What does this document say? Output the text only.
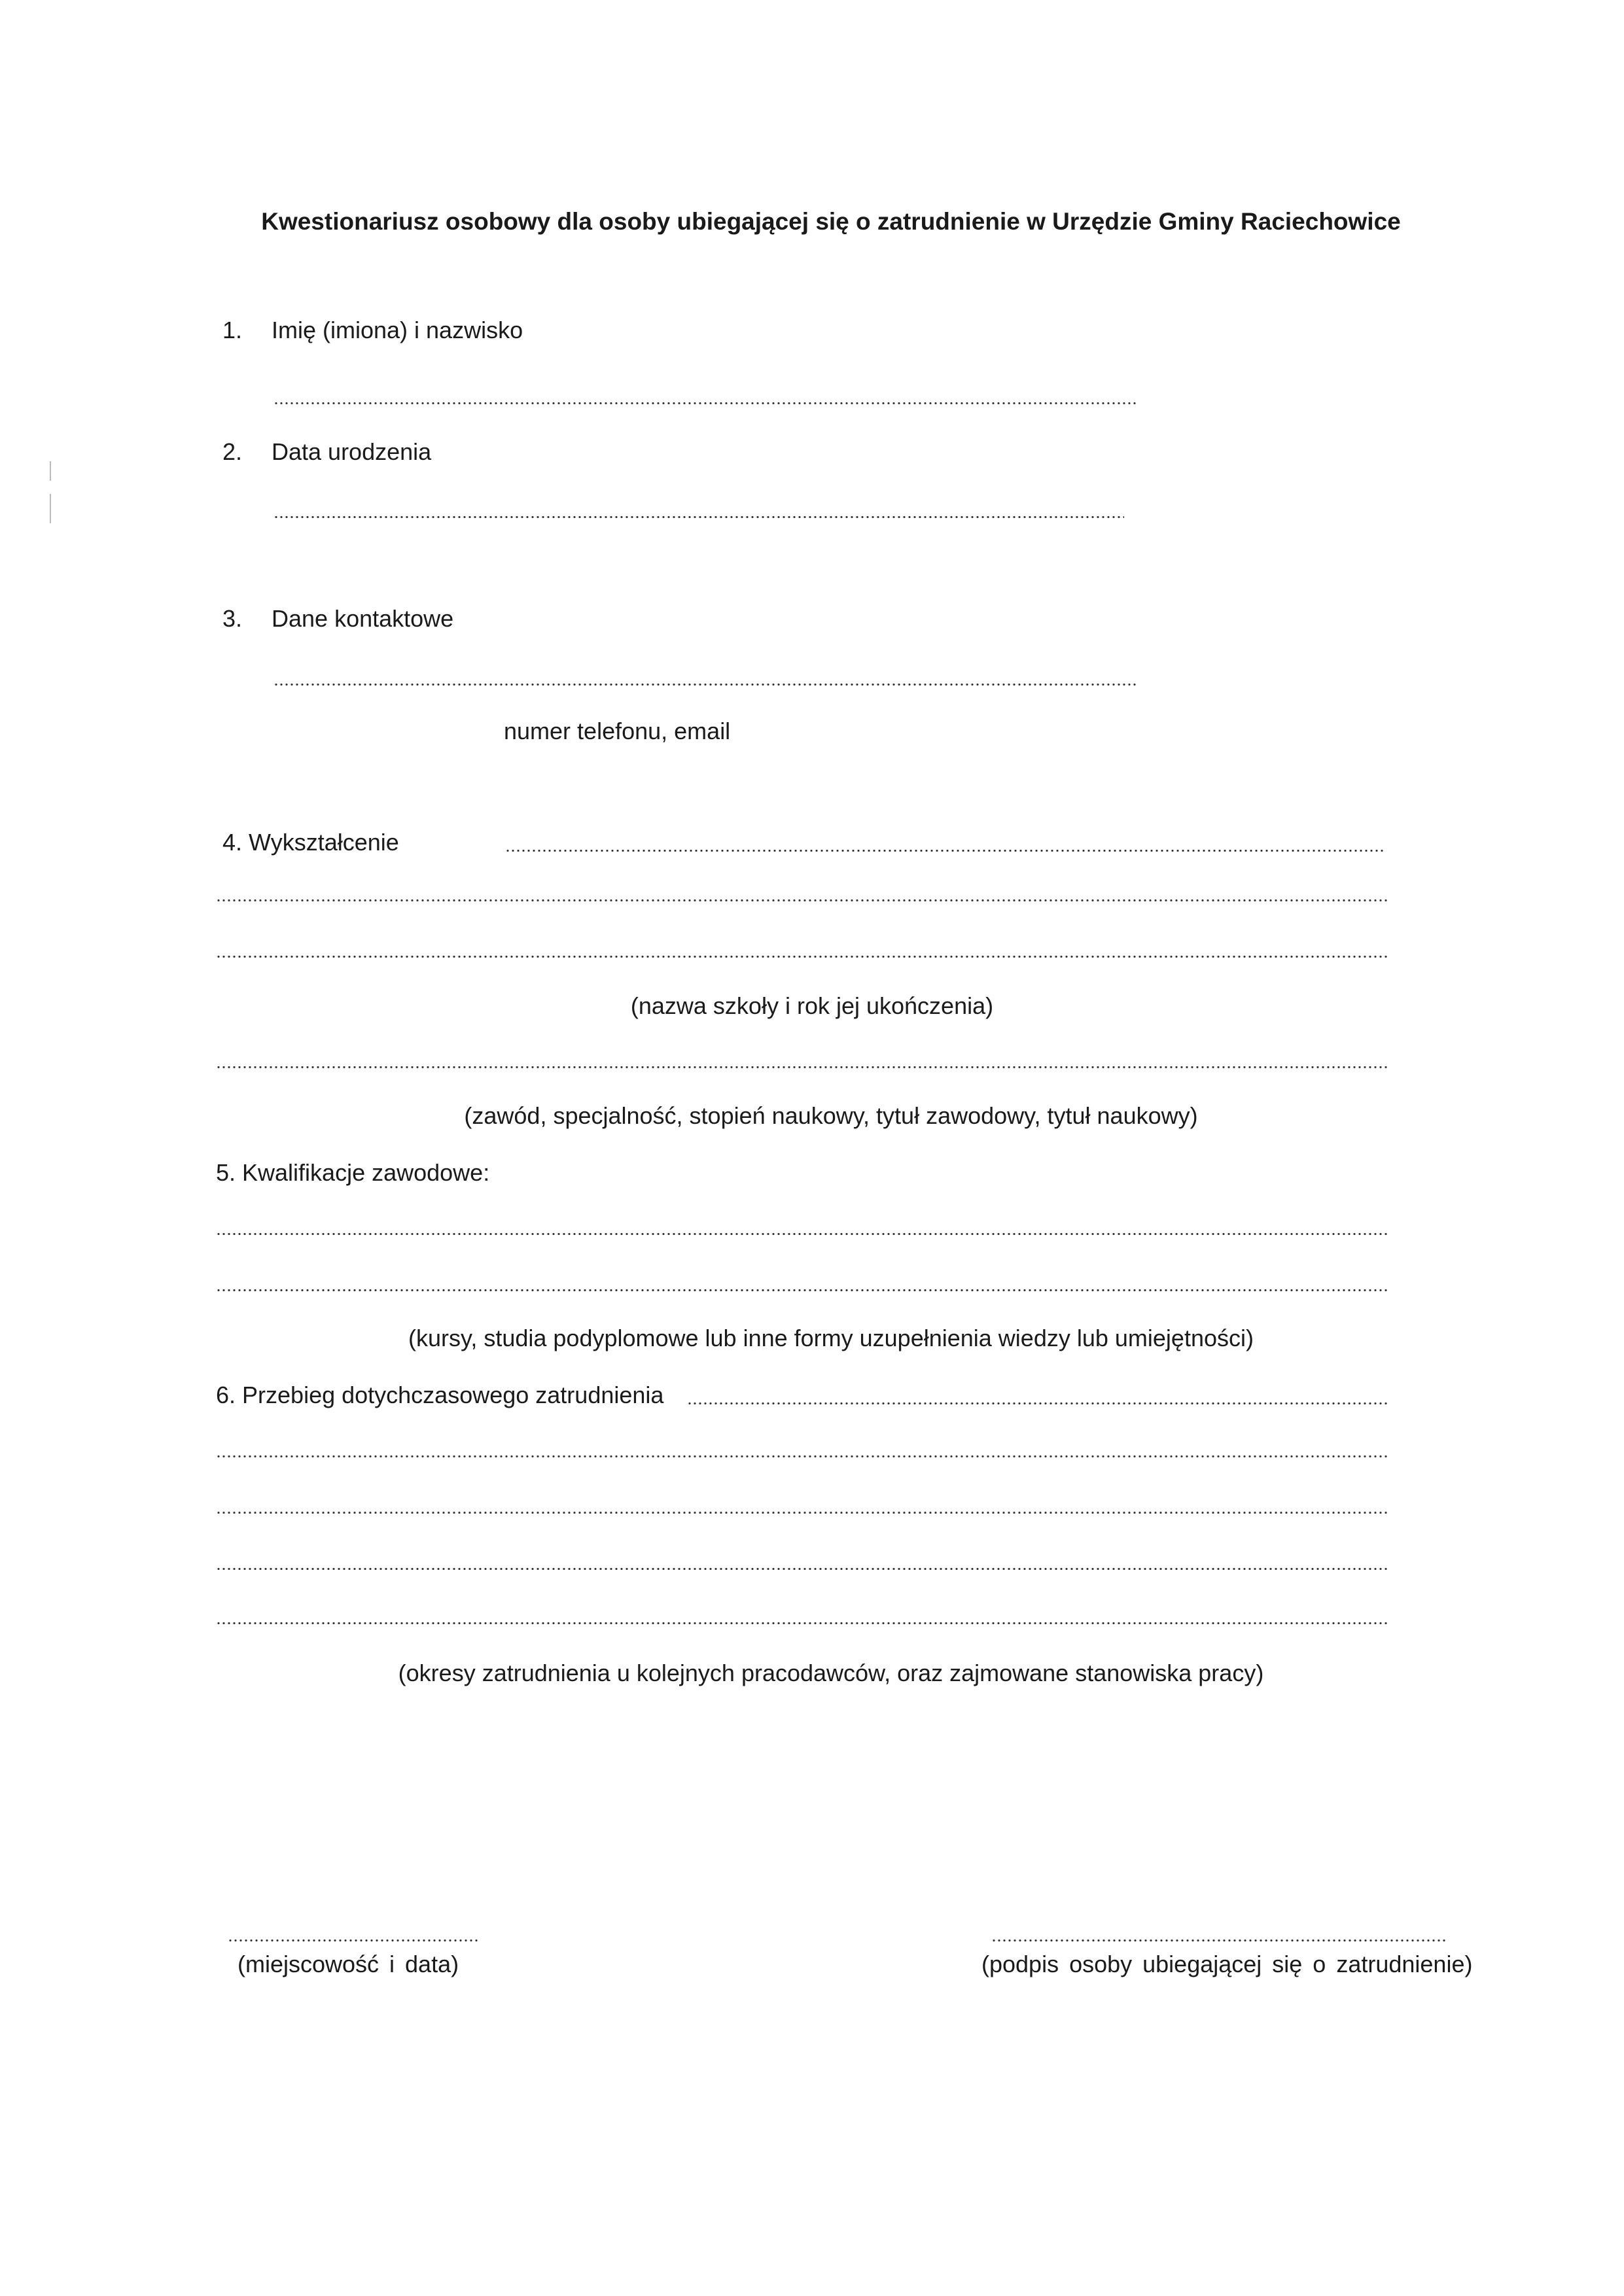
Kwestionariusz osobowy dla osoby ubiegającej się o zatrudnienie w Urzędzie Gminy Raciechowice
1. Imię (imiona) i nazwisko
2. Data urodzenia
3. Dane kontaktowe
numer telefonu, email
4. Wykształcenie
(nazwa szkoły i rok jej ukończenia)
(zawód, specjalność, stopień naukowy, tytuł zawodowy, tytuł naukowy)
5. Kwalifikacje zawodowe:
(kursy, studia podyplomowe lub inne formy uzupełnienia wiedzy lub umiejętności)
6. Przebieg dotychczasowego zatrudnienia
(okresy zatrudnienia u kolejnych pracodawców, oraz zajmowane stanowiska pracy)
(miejscowość i data)	(podpis osoby ubiegającej się o zatrudnienie)
